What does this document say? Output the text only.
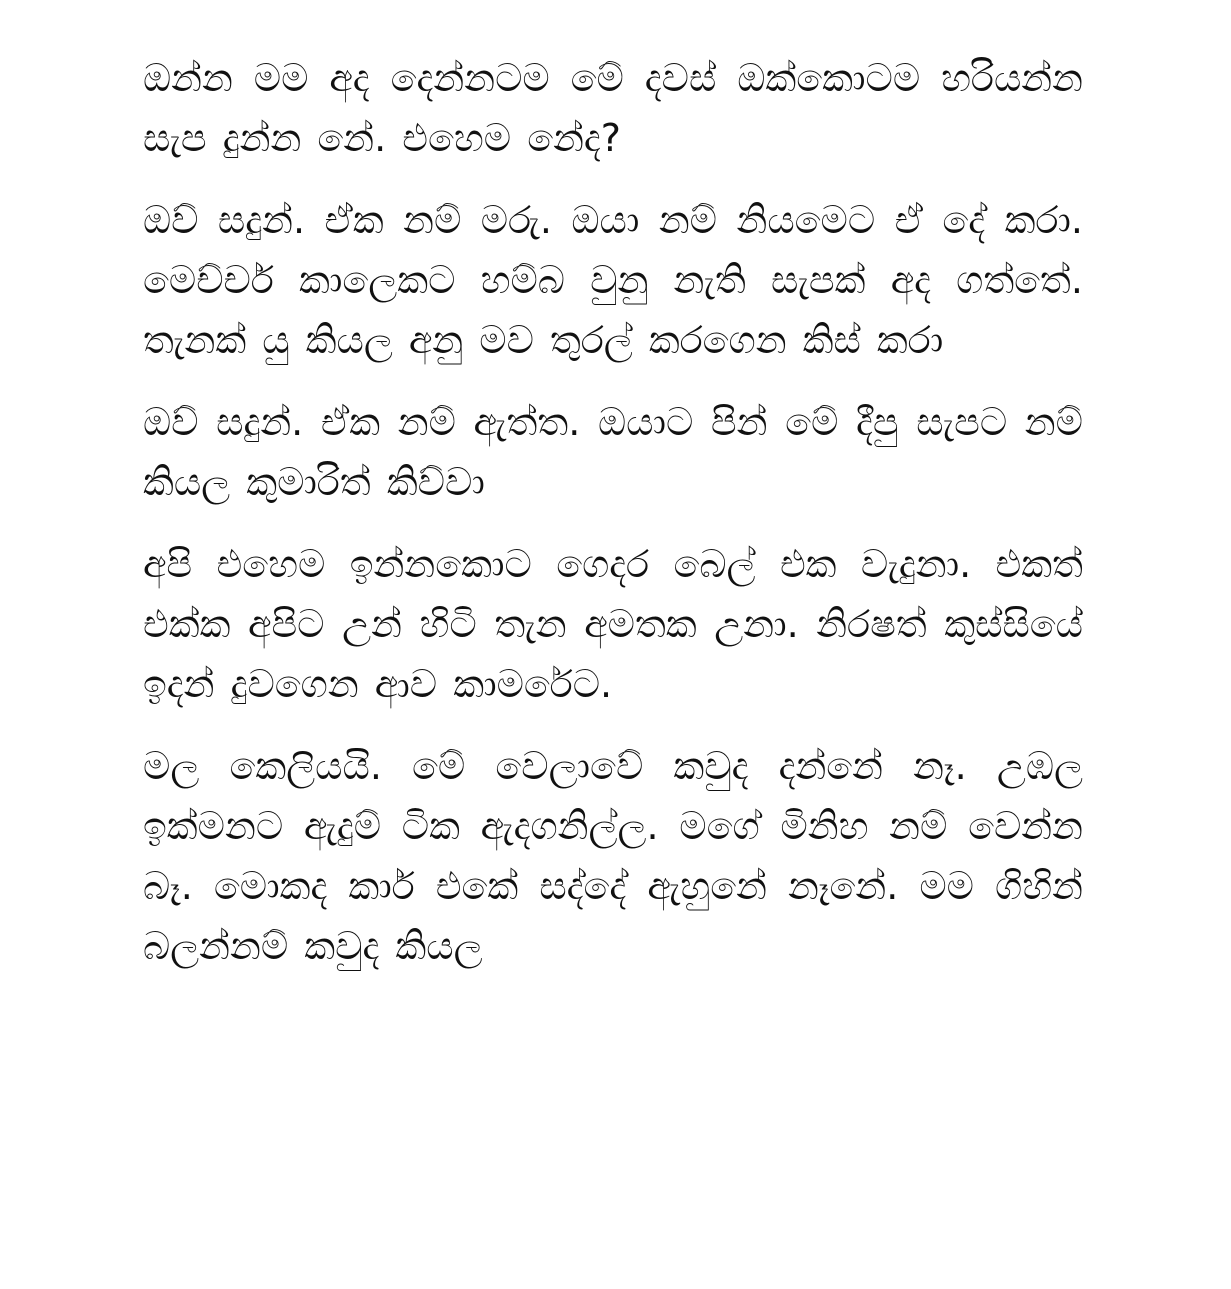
ඔන්න මම අද දෙන්නටම මේ දවස් ඔක්කොටම හරියන්න සැප දුන්න නේ. එහෙම නේද?

ඔව් සදුන්. ඒක නම් මරු. ඔයා නම් නියමෙට ඒ දේ කරා. මෙච්චර් කාලෙකට හම්බ වුනු නැති සැපක් අද ගත්තේ. තැනක් යු කියල අනු මව තුරල් කරගෙන කිස් කරා

ඔව් සදුන්. ඒක නම් ඇත්ත. ඔයාට පින් මේ දීපු සැපට නම් කියල කුමාරිත් කිව්වා

අපි එහෙම ඉන්නකොට ගෙදර බෙල් එක වැදුනා. එකත් එක්ක අපිට උන් හිටි තැන අමතක උනා. නිරෂත් කුස්සියේ ඉදන් දුවගෙන ආව කාමරේට.

මල කෙලියයි. මේ වෙලාවේ කවුද දන්නේ නෑ. උඹල ඉක්මනට ඇදුම් ටික ඇදගනිල්ල. මගේ මිනිහ නම් වෙන්න බෑ. මොකද කාර් එකේ සද්දේ ඇහුනේ නෑනේ. මම ගිහින් බලන්නම් කවුද කියල
